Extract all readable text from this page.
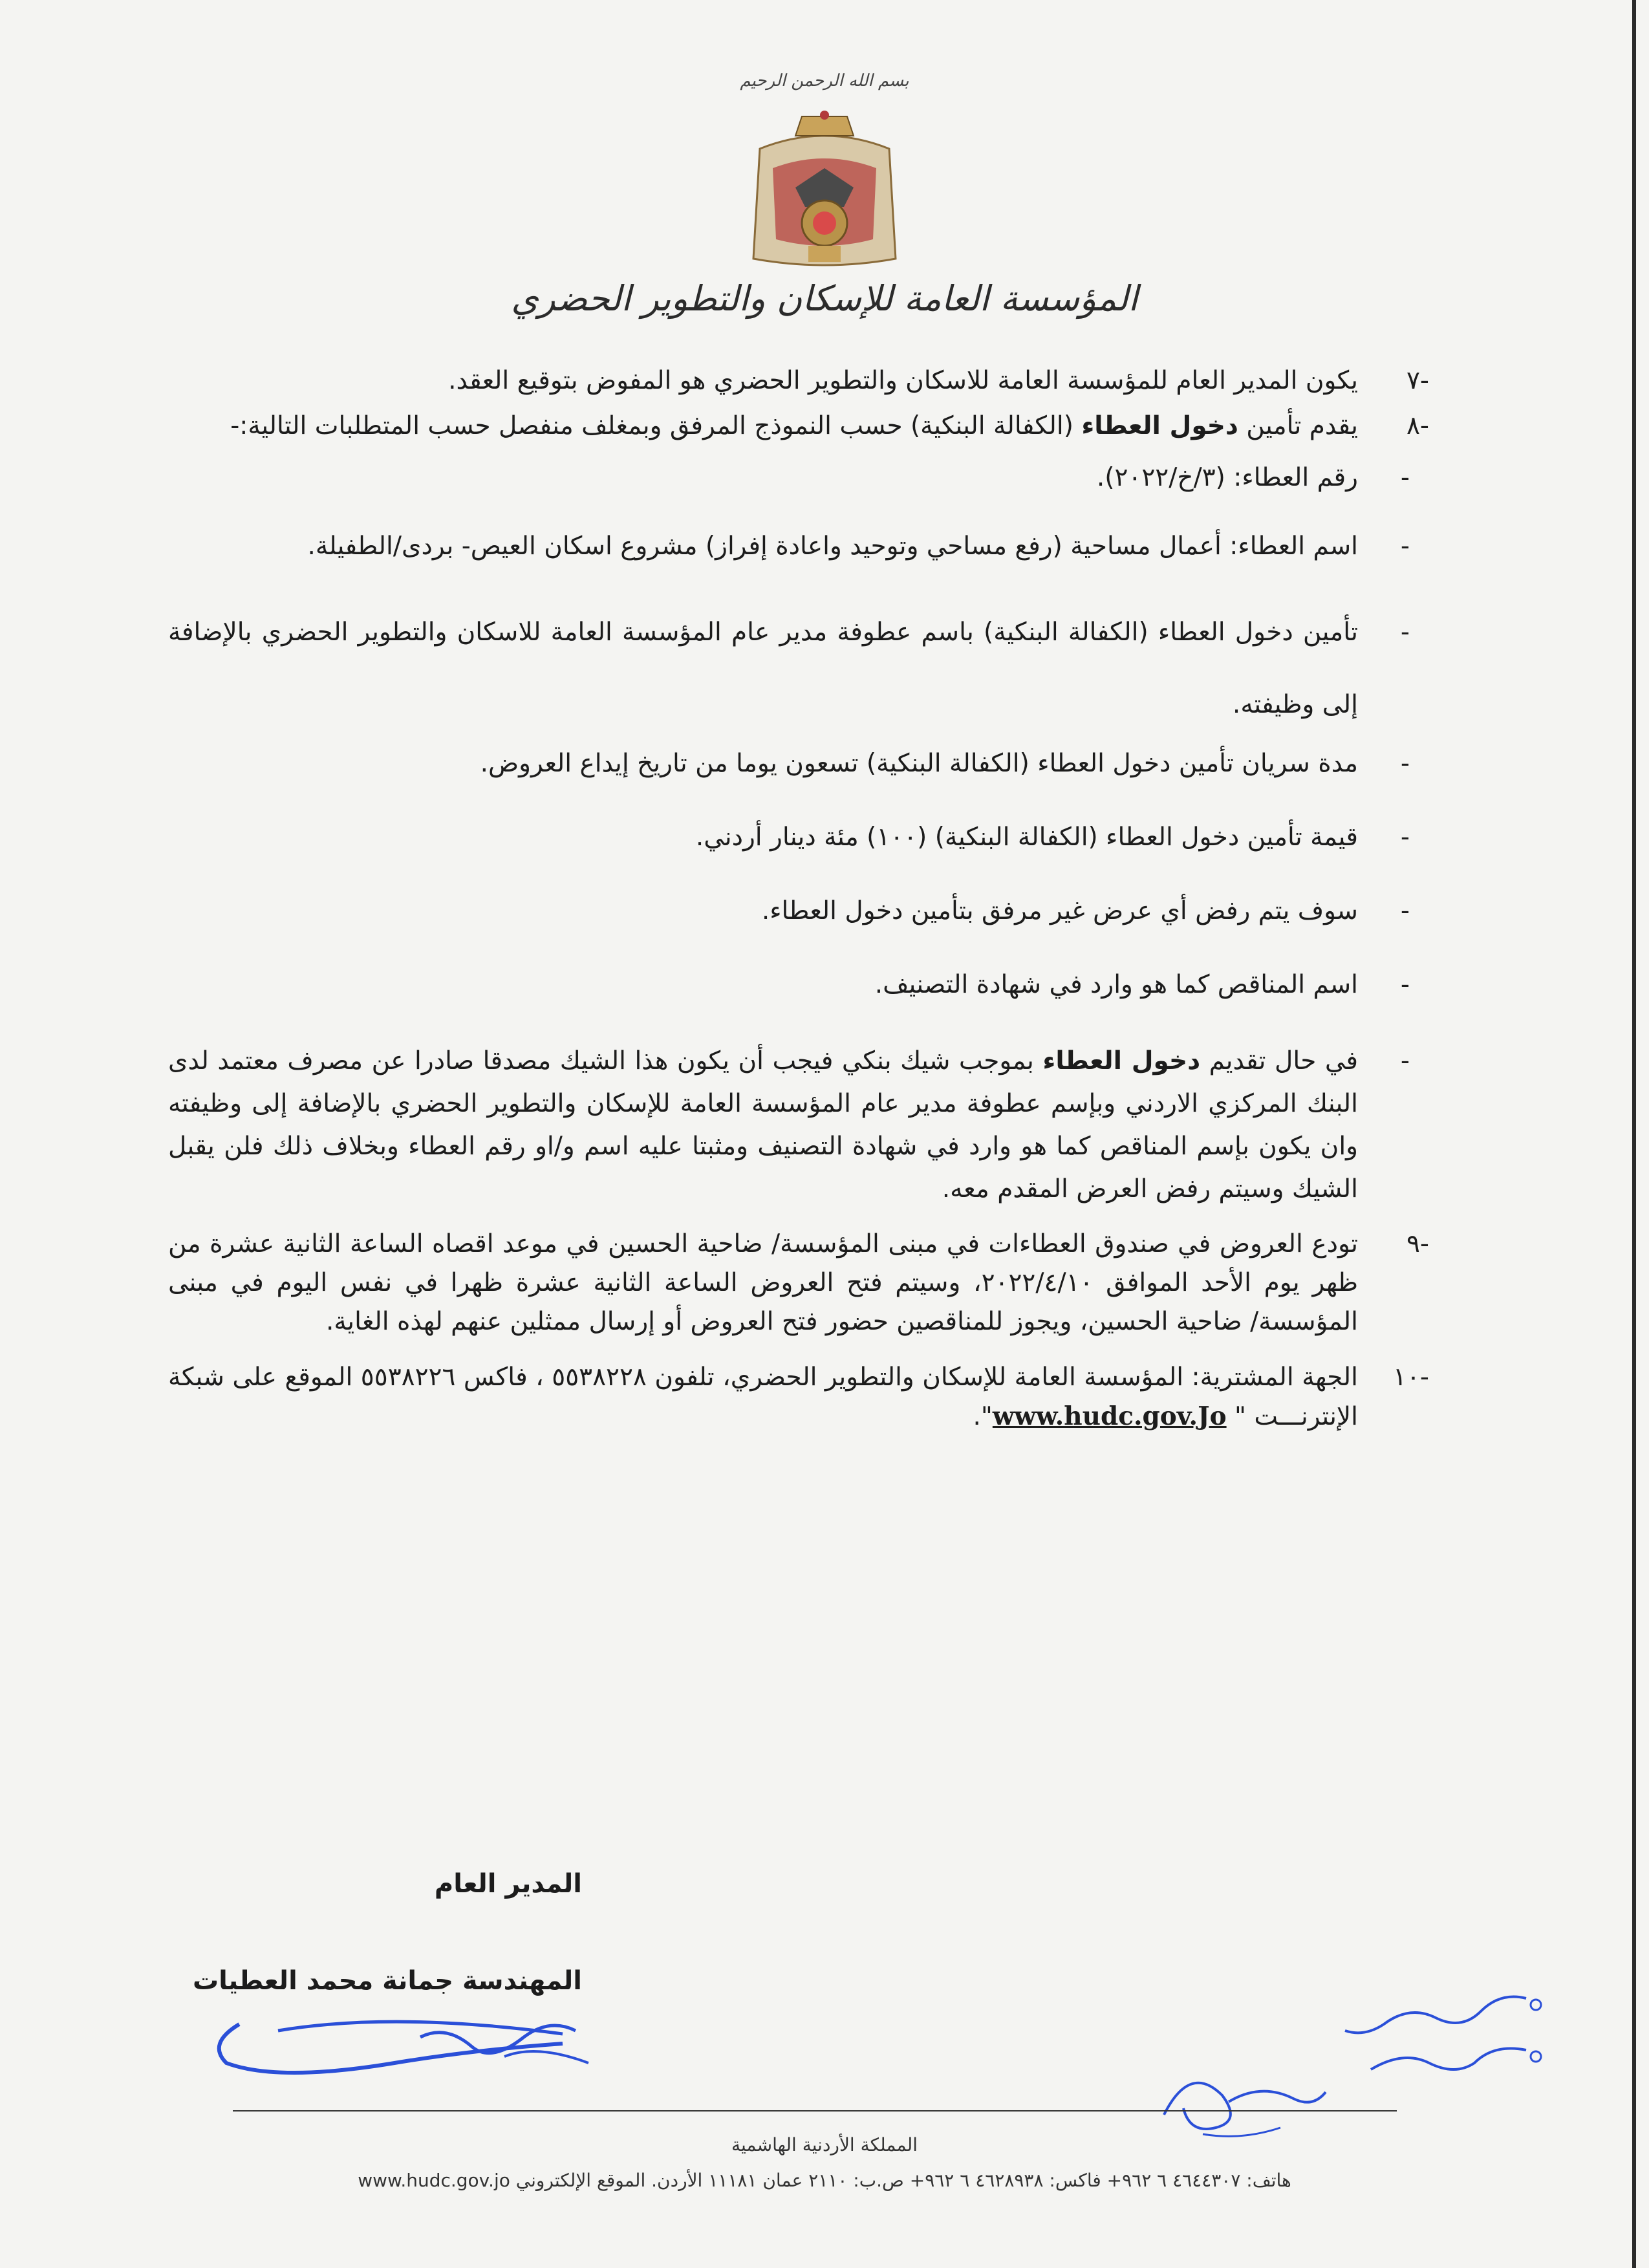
بسم الله الرحمن الرحيم
المؤسسة العامة للإسكان والتطوير الحضري
-٧
يكون المدير العام للمؤسسة العامة للاسكان والتطوير الحضري هو المفوض بتوقيع العقد.
-٨
يقدم تأمين دخول العطاء (الكفالة البنكية) حسب النموذج المرفق وبمغلف منفصل حسب المتطلبات التالية:-
-
رقم العطاء: (٣/خ/٢٠٢٢).
-
اسم العطاء: أعمال مساحية (رفع مساحي وتوحيد واعادة إفراز) مشروع اسكان العيص- بردى/الطفيلة.
-
تأمين دخول العطاء (الكفالة البنكية) باسم عطوفة مدير عام المؤسسة العامة للاسكان والتطوير الحضري بالإضافة إلى وظيفته.
-
مدة سريان تأمين دخول العطاء (الكفالة البنكية) تسعون يوما من تاريخ إيداع العروض.
-
قيمة تأمين دخول العطاء (الكفالة البنكية) (١٠٠) مئة دينار أردني.
-
سوف يتم رفض أي عرض غير مرفق بتأمين دخول العطاء.
-
اسم المناقص كما هو وارد في شهادة التصنيف.
-
في حال تقديم دخول العطاء بموجب شيك بنكي فيجب أن يكون هذا الشيك مصدقا صادرا عن مصرف معتمد لدى البنك المركزي الاردني وبإسم عطوفة مدير عام المؤسسة العامة للإسكان والتطوير الحضري بالإضافة إلى وظيفته وان يكون بإسم المناقص كما هو وارد في شهادة التصنيف ومثبتا عليه اسم و/او رقم العطاء وبخلاف ذلك فلن يقبل الشيك وسيتم رفض العرض المقدم معه.
-٩
تودع العروض في صندوق العطاءات في مبنى المؤسسة/ ضاحية الحسين في موعد اقصاه الساعة الثانية عشرة من ظهر يوم الأحد الموافق ٢٠٢٢/٤/١٠، وسيتم فتح العروض الساعة الثانية عشرة ظهرا في نفس اليوم في مبنى المؤسسة/ ضاحية الحسين، ويجوز للمناقصين حضور فتح العروض أو إرسال ممثلين عنهم لهذه الغاية.
-١٠
الجهة المشترية: المؤسسة العامة للإسكان والتطوير الحضري، تلفون ٥٥٣٨٢٢٨ ، فاكس ٥٥٣٨٢٢٦ الموقع على شبكة الإنترنـــت " www.hudc.gov.Jo".
المدير العام
المهندسة جمانة محمد العطيات
المملكة الأردنية الهاشمية
هاتف: ٤٦٤٤٣٠٧ ٦ ٩٦٢+ فاكس: ٤٦٢٨٩٣٨ ٦ ٩٦٢+ ص.ب: ٢١١٠ عمان ١١١٨١ الأردن. الموقع الإلكتروني www.hudc.gov.jo
